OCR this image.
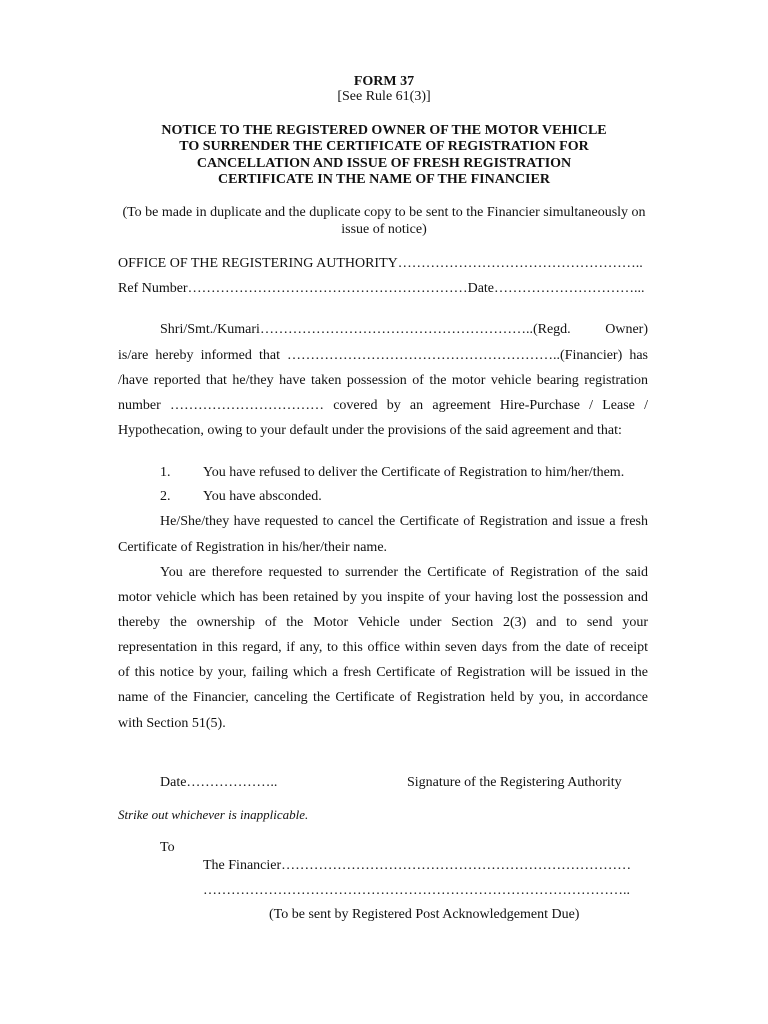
FORM 37
[See Rule 61(3)]
NOTICE TO THE REGISTERED OWNER OF THE MOTOR VEHICLE
TO SURRENDER THE CERTIFICATE OF REGISTRATION FOR
CANCELLATION AND ISSUE OF FRESH REGISTRATION
CERTIFICATE IN THE NAME OF THE FINANCIER
(To be made in duplicate and the duplicate copy to be sent to the Financier simultaneously on
issue of notice)
OFFICE OF THE REGISTERING AUTHORITY……………………………………………..
Ref Number……………………………………………………Date…………………………...
Shri/Smt./Kumari…………………………………………………..(Regd. Owner)
is/are hereby informed that …………………………………………………..(Financier) has
/have reported that he/they have taken possession of the motor vehicle bearing registration
number …………………………… covered by an agreement Hire-Purchase / Lease /
Hypothecation, owing to your default under the provisions of the said agreement and that:
1. You have refused to deliver the Certificate of Registration to him/her/them.
2. You have absconded.
He/She/they have requested to cancel the Certificate of Registration and issue a fresh
Certificate of Registration in his/her/their name.
You are therefore requested to surrender the Certificate of Registration of the said
motor vehicle which has been retained by you inspite of your having lost the possession and
thereby the ownership of the Motor Vehicle under Section 2(3) and to send your
representation in this regard, if any, to this office within seven days from the date of receipt
of this notice by your, failing which a fresh Certificate of Registration will be issued in the
name of the Financier, canceling the Certificate of Registration held by you, in accordance
with Section 51(5).
Date………………..	Signature of the Registering Authority
Strike out whichever is inapplicable.
To
The Financier…………………………………………………………………
………………………………………………………………………………..
(To be sent by Registered Post Acknowledgement Due)
